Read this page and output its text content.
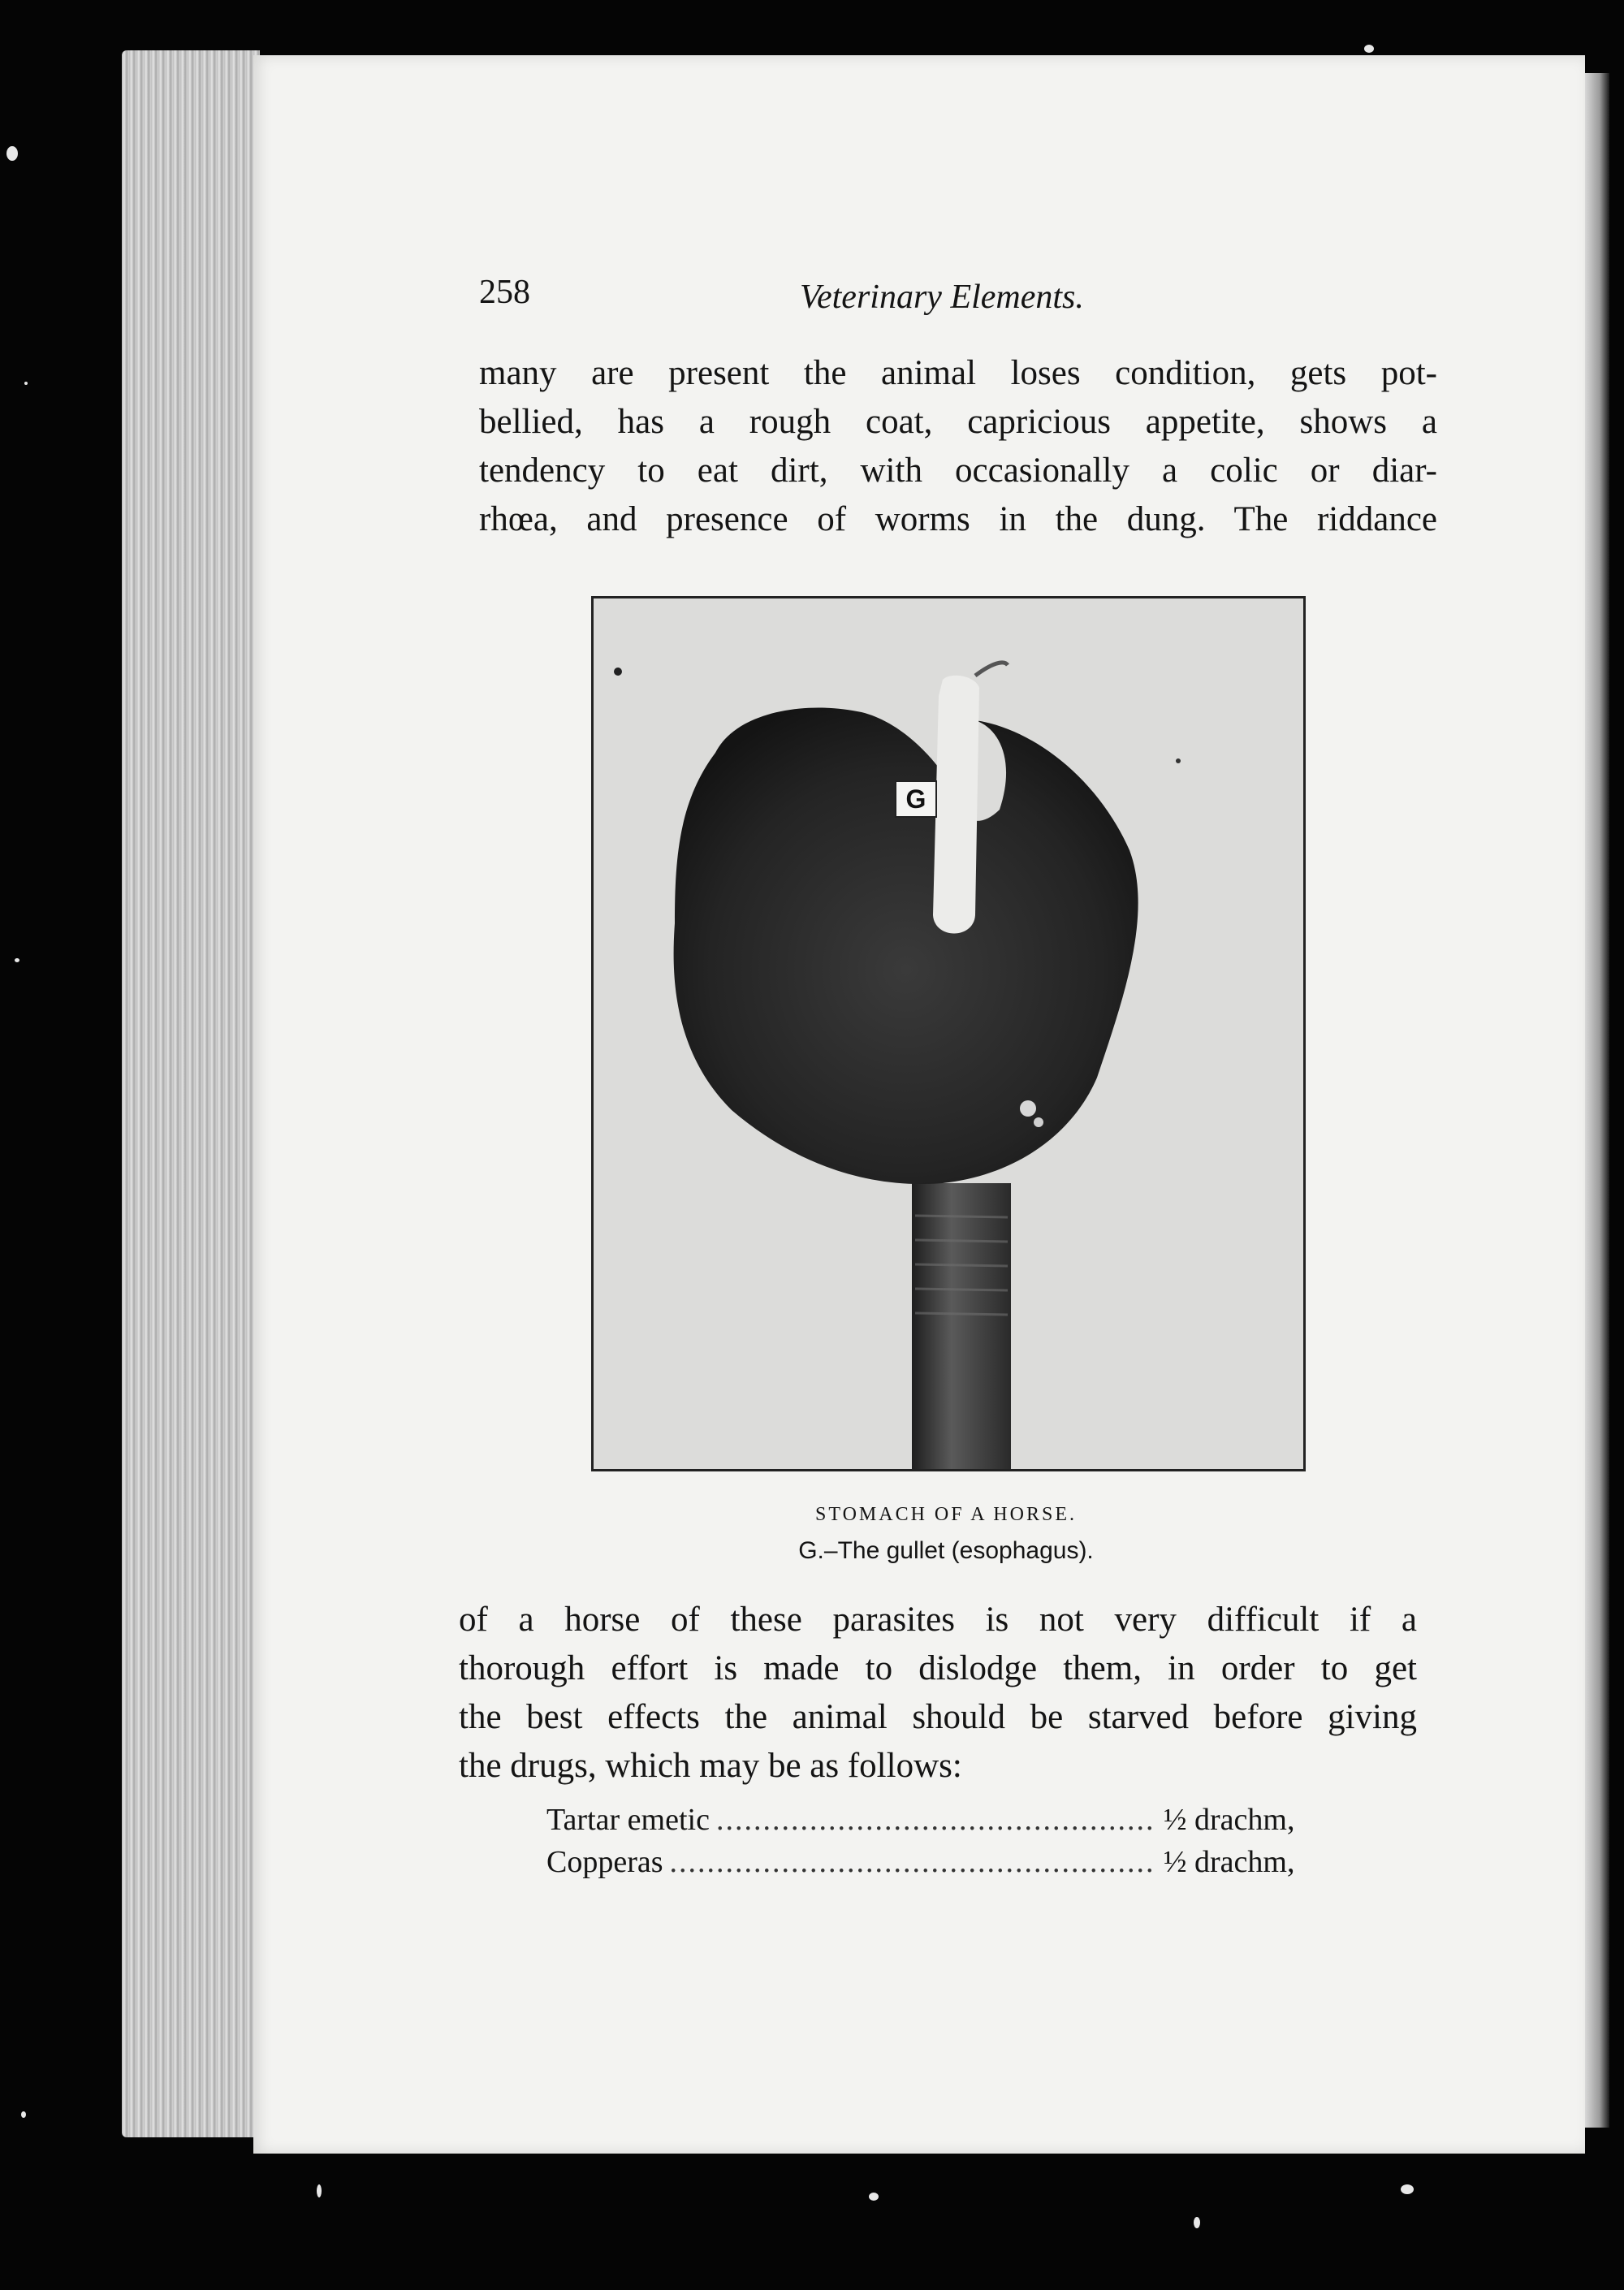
258	Veterinary Elements.
many are present the animal loses condition, gets pot-
bellied, has a rough coat, capricious appetite, shows a
tendency to eat dirt, with occasionally a colic or diar-
rhœa, and presence of worms in the dung. The riddance
G
STOMACH OF A HORSE.
G.–The gullet (esophagus).
of a horse of these parasites is not very difficult if a
thorough effort is made to dislodge them, in order to get
the best effects the animal should be starved before giving
the drugs, which may be as follows:
Tartar emetic .....	½ drachm,
Copperas .....	½ drachm,
